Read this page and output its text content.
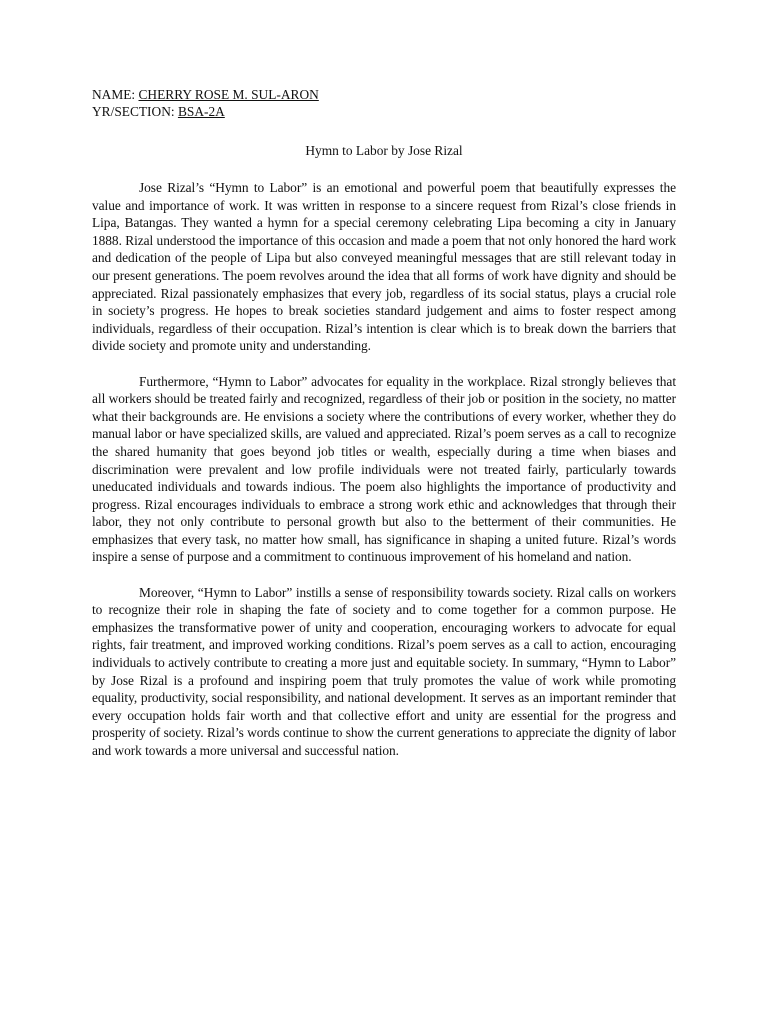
NAME: CHERRY ROSE M. SUL-ARON

YR/SECTION: BSA-2A

Hymn to Labor by Jose Rizal

Jose Rizal’s “Hymn to Labor” is an emotional and powerful poem that beautifully expresses the value and importance of work. It was written in response to a sincere request from Rizal’s close friends in Lipa, Batangas. They wanted a hymn for a special ceremony celebrating Lipa becoming a city in January 1888. Rizal understood the importance of this occasion and made a poem that not only honored the hard work and dedication of the people of Lipa but also conveyed meaningful messages that are still relevant today in our present generations. The poem revolves around the idea that all forms of work have dignity and should be appreciated. Rizal passionately emphasizes that every job, regardless of its social status, plays a crucial role in society’s progress. He hopes to break societies standard judgement and aims to foster respect among individuals, regardless of their occupation. Rizal’s intention is clear which is to break down the barriers that divide society and promote unity and understanding.

Furthermore, “Hymn to Labor” advocates for equality in the workplace. Rizal strongly believes that all workers should be treated fairly and recognized, regardless of their job or position in the society, no matter what their backgrounds are. He envisions a society where the contributions of every worker, whether they do manual labor or have specialized skills, are valued and appreciated. Rizal’s poem serves as a call to recognize the shared humanity that goes beyond job titles or wealth, especially during a time when biases and discrimination were prevalent and low profile individuals were not treated fairly, particularly towards uneducated individuals and towards indious. The poem also highlights the importance of productivity and progress. Rizal encourages individuals to embrace a strong work ethic and acknowledges that through their labor, they not only contribute to personal growth but also to the betterment of their communities. He emphasizes that every task, no matter how small, has significance in shaping a united future. Rizal’s words inspire a sense of purpose and a commitment to continuous improvement of his homeland and nation.

Moreover, “Hymn to Labor” instills a sense of responsibility towards society. Rizal calls on workers to recognize their role in shaping the fate of society and to come together for a common purpose. He emphasizes the transformative power of unity and cooperation, encouraging workers to advocate for equal rights, fair treatment, and improved working conditions. Rizal’s poem serves as a call to action, encouraging individuals to actively contribute to creating a more just and equitable society. In summary, “Hymn to Labor” by Jose Rizal is a profound and inspiring poem that truly promotes the value of work while promoting equality, productivity, social responsibility, and national development. It serves as an important reminder that every occupation holds fair worth and that collective effort and unity are essential for the progress and prosperity of society. Rizal’s words continue to show the current generations to appreciate the dignity of labor and work towards a more universal and successful nation.
